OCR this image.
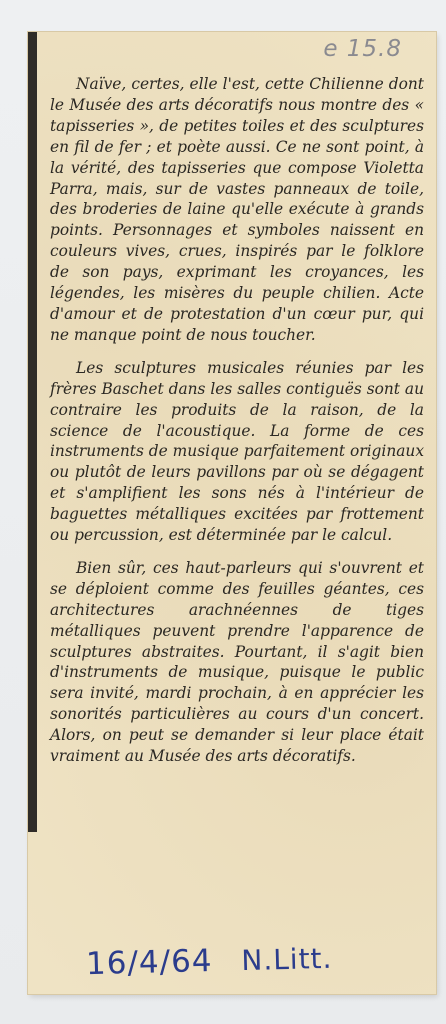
e 15.8

Naïve, certes, elle l'est, cette Chilienne dont le Musée des arts décoratifs nous montre des « tapisseries », de petites toiles et des sculptures en fil de fer ; et poète aussi. Ce ne sont point, à la vérité, des tapisseries que compose Violetta Parra, mais, sur de vastes panneaux de toile, des broderies de laine qu'elle exécute à grands points. Personnages et symboles naissent en couleurs vives, crues, inspirés par le folklore de son pays, exprimant les croyances, les légendes, les misères du peuple chilien. Acte d'amour et de protestation d'un cœur pur, qui ne manque point de nous toucher.

Les sculptures musicales réunies par les frères Baschet dans les salles contiguës sont au contraire les produits de la raison, de la science de l'acoustique. La forme de ces instruments de musique parfaitement originaux ou plutôt de leurs pavillons par où se dégagent et s'amplifient les sons nés à l'intérieur de baguettes métalliques excitées par frottement ou percussion, est déterminée par le calcul.

Bien sûr, ces haut-parleurs qui s'ouvrent et se déploient comme des feuilles géantes, ces architectures arachnéennes de tiges métalliques peuvent prendre l'apparence de sculptures abstraites. Pourtant, il s'agit bien d'instruments de musique, puisque le public sera invité, mardi prochain, à en apprécier les sonorités particulières au cours d'un concert. Alors, on peut se demander si leur place était vraiment au Musée des arts décoratifs.

16/4/64 N.Litt.
